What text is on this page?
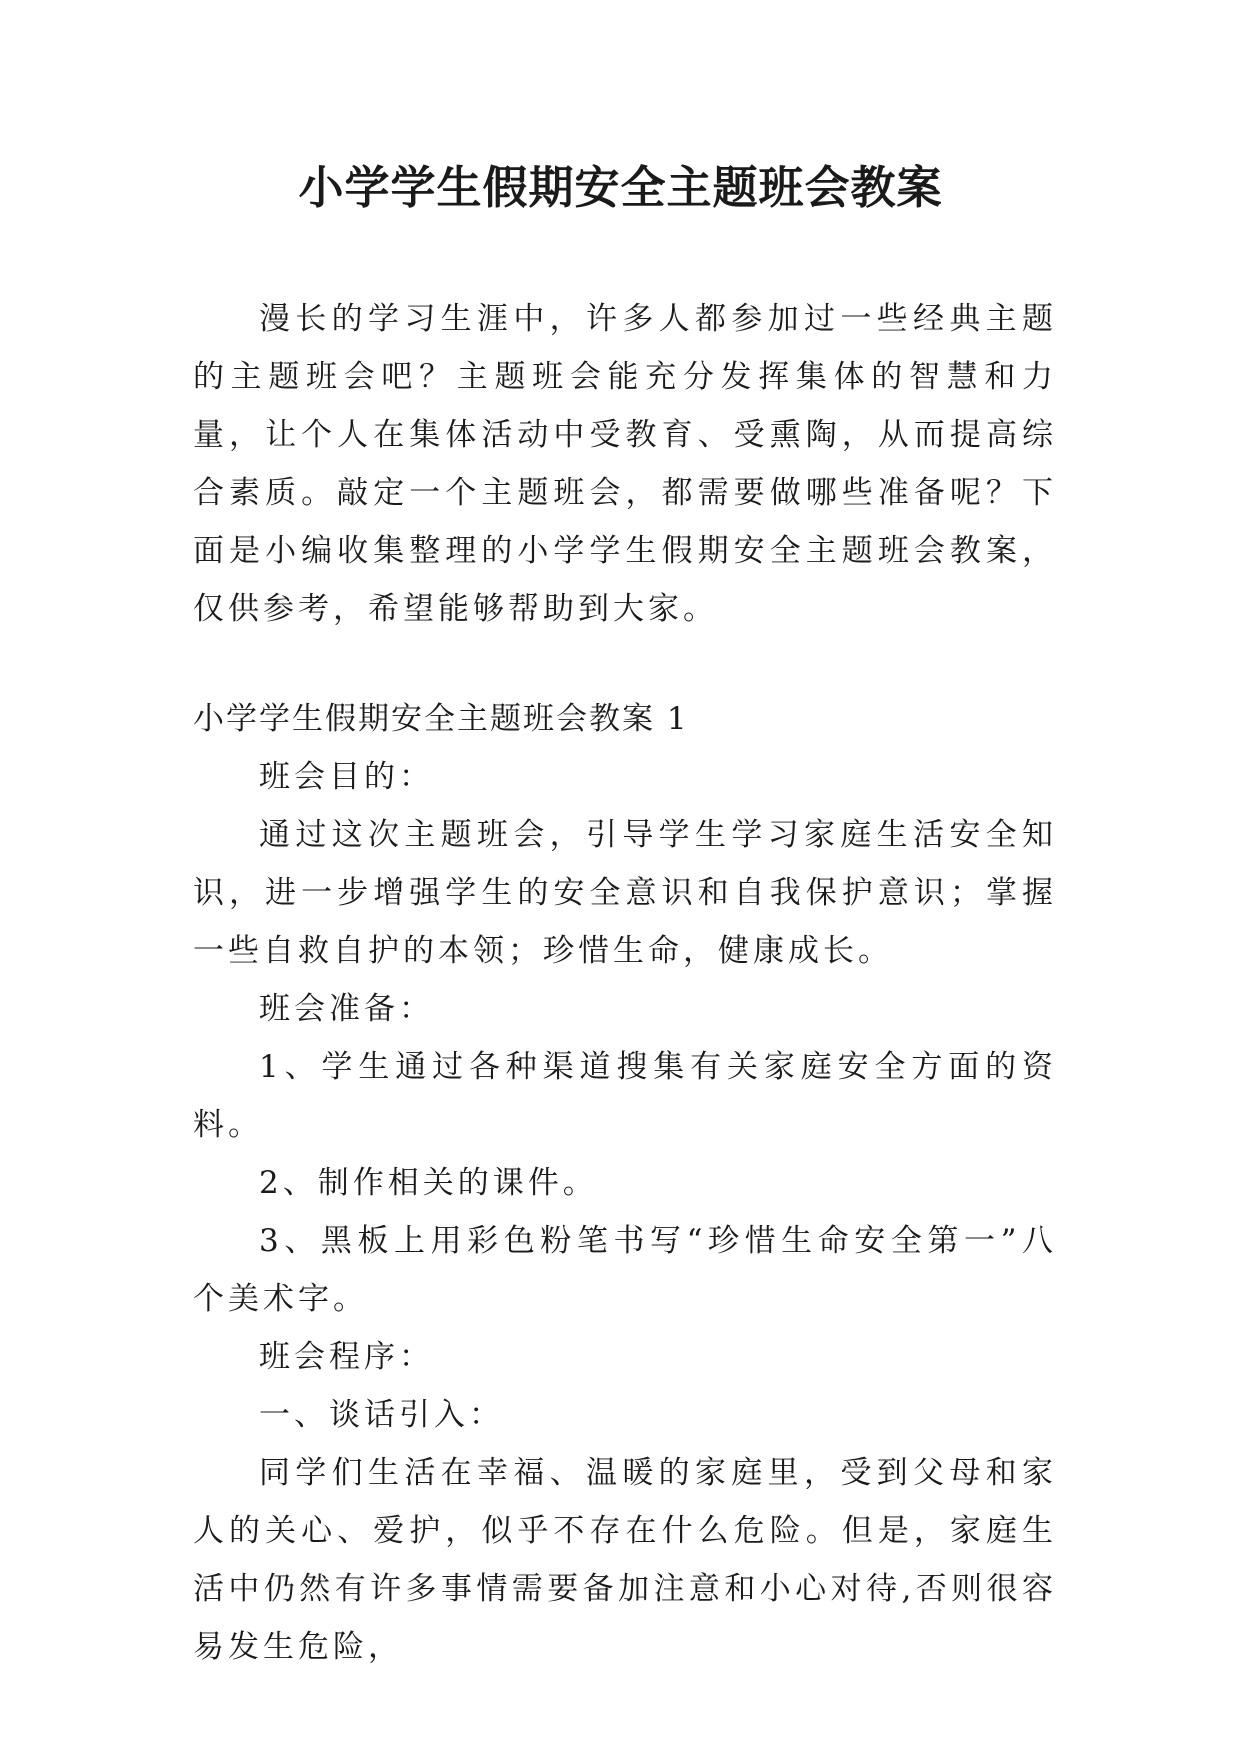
小学学生假期安全主题班会教案

漫长的学习生涯中，许多人都参加过一些经典主题的主题班会吧？主题班会能充分发挥集体的智慧和力量，让个人在集体活动中受教育、受熏陶，从而提高综合素质。敲定一个主题班会，都需要做哪些准备呢？下面是小编收集整理的小学学生假期安全主题班会教案，仅供参考，希望能够帮助到大家。

小学学生假期安全主题班会教案 1

班会目的：

通过这次主题班会，引导学生学习家庭生活安全知识，进一步增强学生的安全意识和自我保护意识；掌握一些自救自护的本领；珍惜生命，健康成长。

班会准备：

1、学生通过各种渠道搜集有关家庭安全方面的资料。

2、制作相关的课件。

3、黑板上用彩色粉笔书写“珍惜生命安全第一”八个美术字。

班会程序：

一、谈话引入：

同学们生活在幸福、温暖的家庭里，受到父母和家人的关心、爱护，似乎不存在什么危险。但是，家庭生活中仍然有许多事情需要备加注意和小心对待,否则很容易发生危险，
